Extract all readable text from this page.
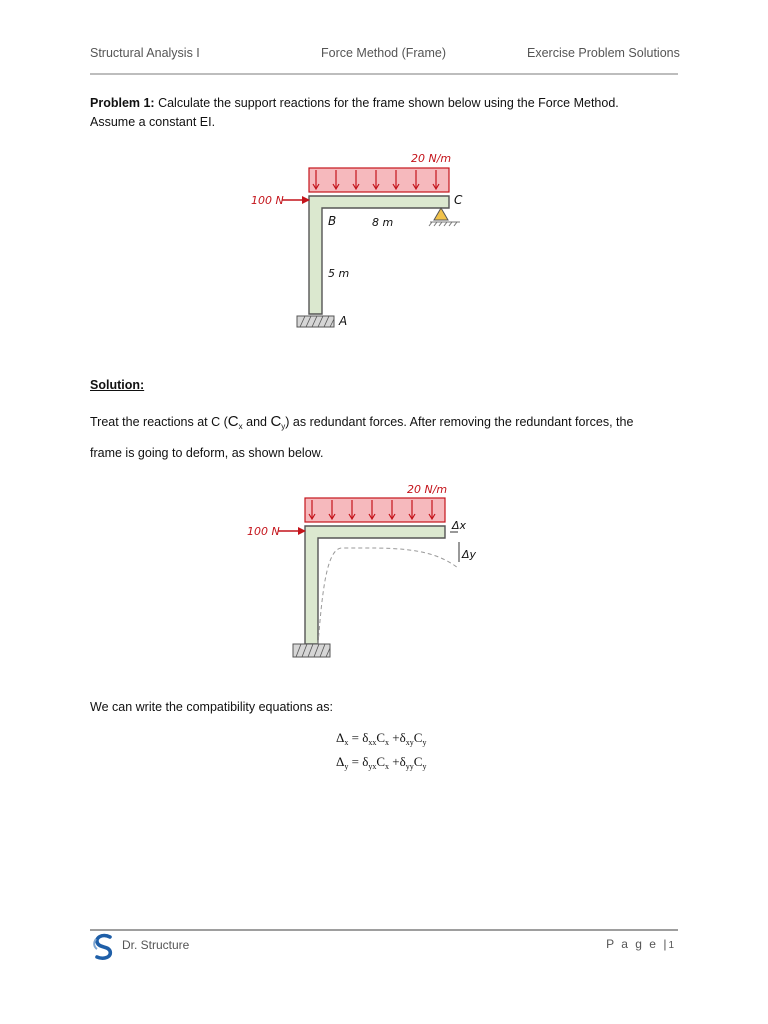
Structural Analysis I	Force Method (Frame)	Exercise Problem Solutions
Problem 1: Calculate the support reactions for the frame shown below using the Force Method.
Assume a constant EI.
20 N/m
100 N
B
C
A
8 m
5 m
Solution:
Treat the reactions at C ($C_x$ and $C_y$) as redundant forces. After removing the redundant forces, the
frame is going to deform, as shown below.
20 N/m
100 N	Δx
Δy
We can write the compatibility equations as:
$\Delta_x = \delta_{xx}C_x +\delta_{xy}C_y$
$\Delta_y = \delta_{yx}C_x +\delta_{yy}C_y$
Dr. Structure	P a g e |1
